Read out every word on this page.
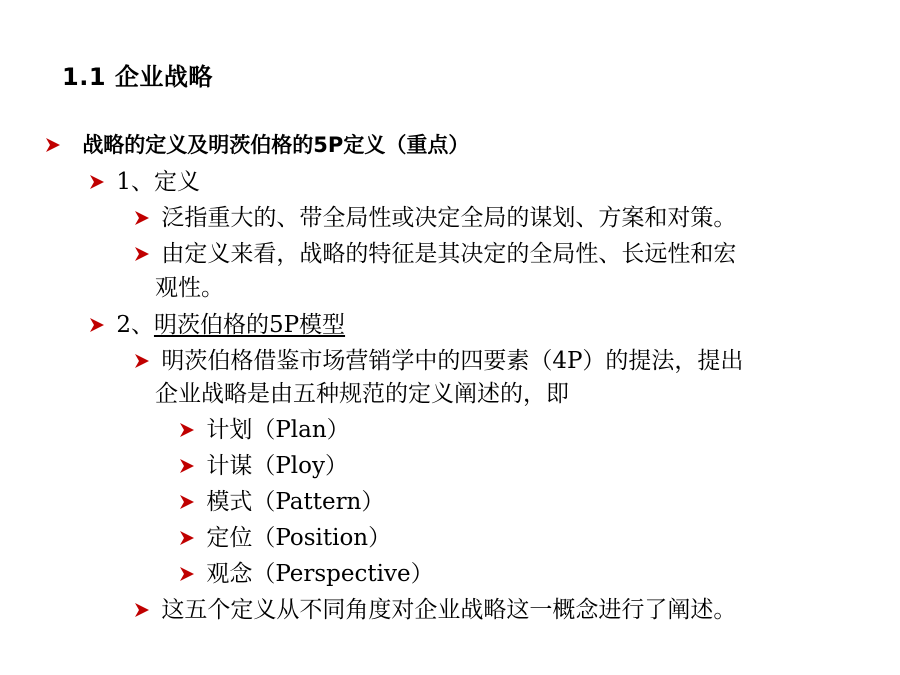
1.1 企业战略
战略的定义及明茨伯格的5P定义（重点）
1、定义
泛指重大的、带全局性或决定全局的谋划、方案和对策。
由定义来看，战略的特征是其决定的全局性、长远性和宏
观性。
2、明茨伯格的5P模型
明茨伯格借鉴市场营销学中的四要素（4P）的提法，提出
企业战略是由五种规范的定义阐述的，即
计划（Plan）
计谋（Ploy）
模式（Pattern）
定位（Position）
观念（Perspective）
这五个定义从不同角度对企业战略这一概念进行了阐述。
